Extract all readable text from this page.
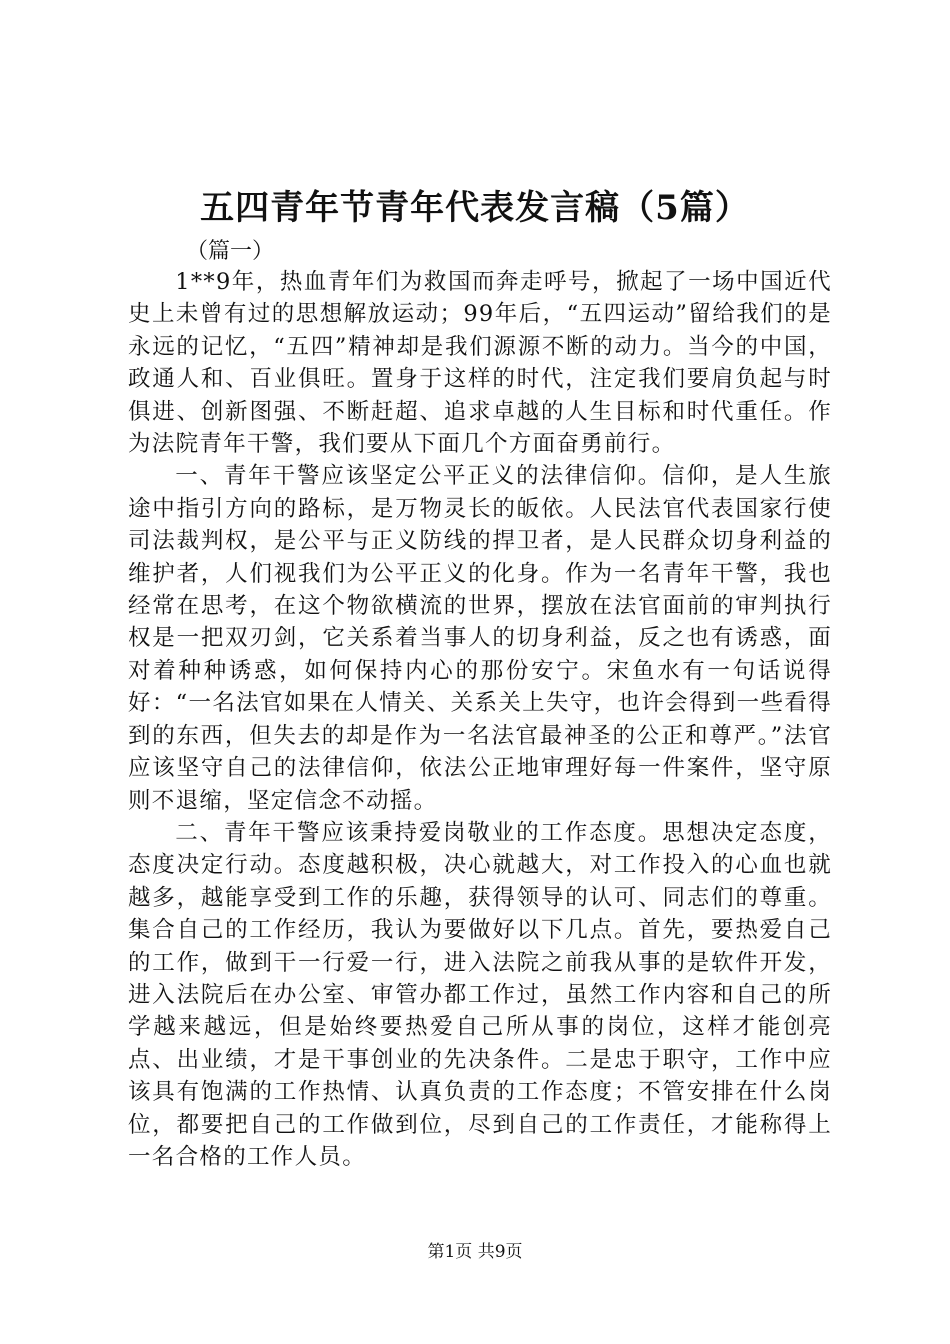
五四青年节青年代表发言稿（5篇）
（篇一）

1**9年，热血青年们为救国而奔走呼号，掀起了一场中国近代史上未曾有过的思想解放运动；99年后，“五四运动”留给我们的是永远的记忆，“五四”精神却是我们源源不断的动力。当今的中国，政通人和、百业俱旺。置身于这样的时代，注定我们要肩负起与时俱进、创新图强、不断赶超、追求卓越的人生目标和时代重任。作为法院青年干警，我们要从下面几个方面奋勇前行。

一、青年干警应该坚定公平正义的法律信仰。信仰，是人生旅途中指引方向的路标，是万物灵长的皈依。人民法官代表国家行使司法裁判权，是公平与正义防线的捍卫者，是人民群众切身利益的维护者，人们视我们为公平正义的化身。作为一名青年干警，我也经常在思考，在这个物欲横流的世界，摆放在法官面前的审判执行权是一把双刃剑，它关系着当事人的切身利益，反之也有诱惑，面对着种种诱惑，如何保持内心的那份安宁。宋鱼水有一句话说得好：“一名法官如果在人情关、关系关上失守，也许会得到一些看得到的东西，但失去的却是作为一名法官最神圣的公正和尊严。”法官应该坚守自己的法律信仰，依法公正地审理好每一件案件，坚守原则不退缩，坚定信念不动摇。

二、青年干警应该秉持爱岗敬业的工作态度。思想决定态度，态度决定行动。态度越积极，决心就越大，对工作投入的心血也就越多，越能享受到工作的乐趣，获得领导的认可、同志们的尊重。集合自己的工作经历，我认为要做好以下几点。首先，要热爱自己的工作，做到干一行爱一行，进入法院之前我从事的是软件开发，进入法院后在办公室、审管办都工作过，虽然工作内容和自己的所学越来越远，但是始终要热爱自己所从事的岗位，这样才能创亮点、出业绩，才是干事创业的先决条件。二是忠于职守，工作中应该具有饱满的工作热情、认真负责的工作态度；不管安排在什么岗位，都要把自己的工作做到位，尽到自己的工作责任，才能称得上一名合格的工作人员。

第1页 共9页
